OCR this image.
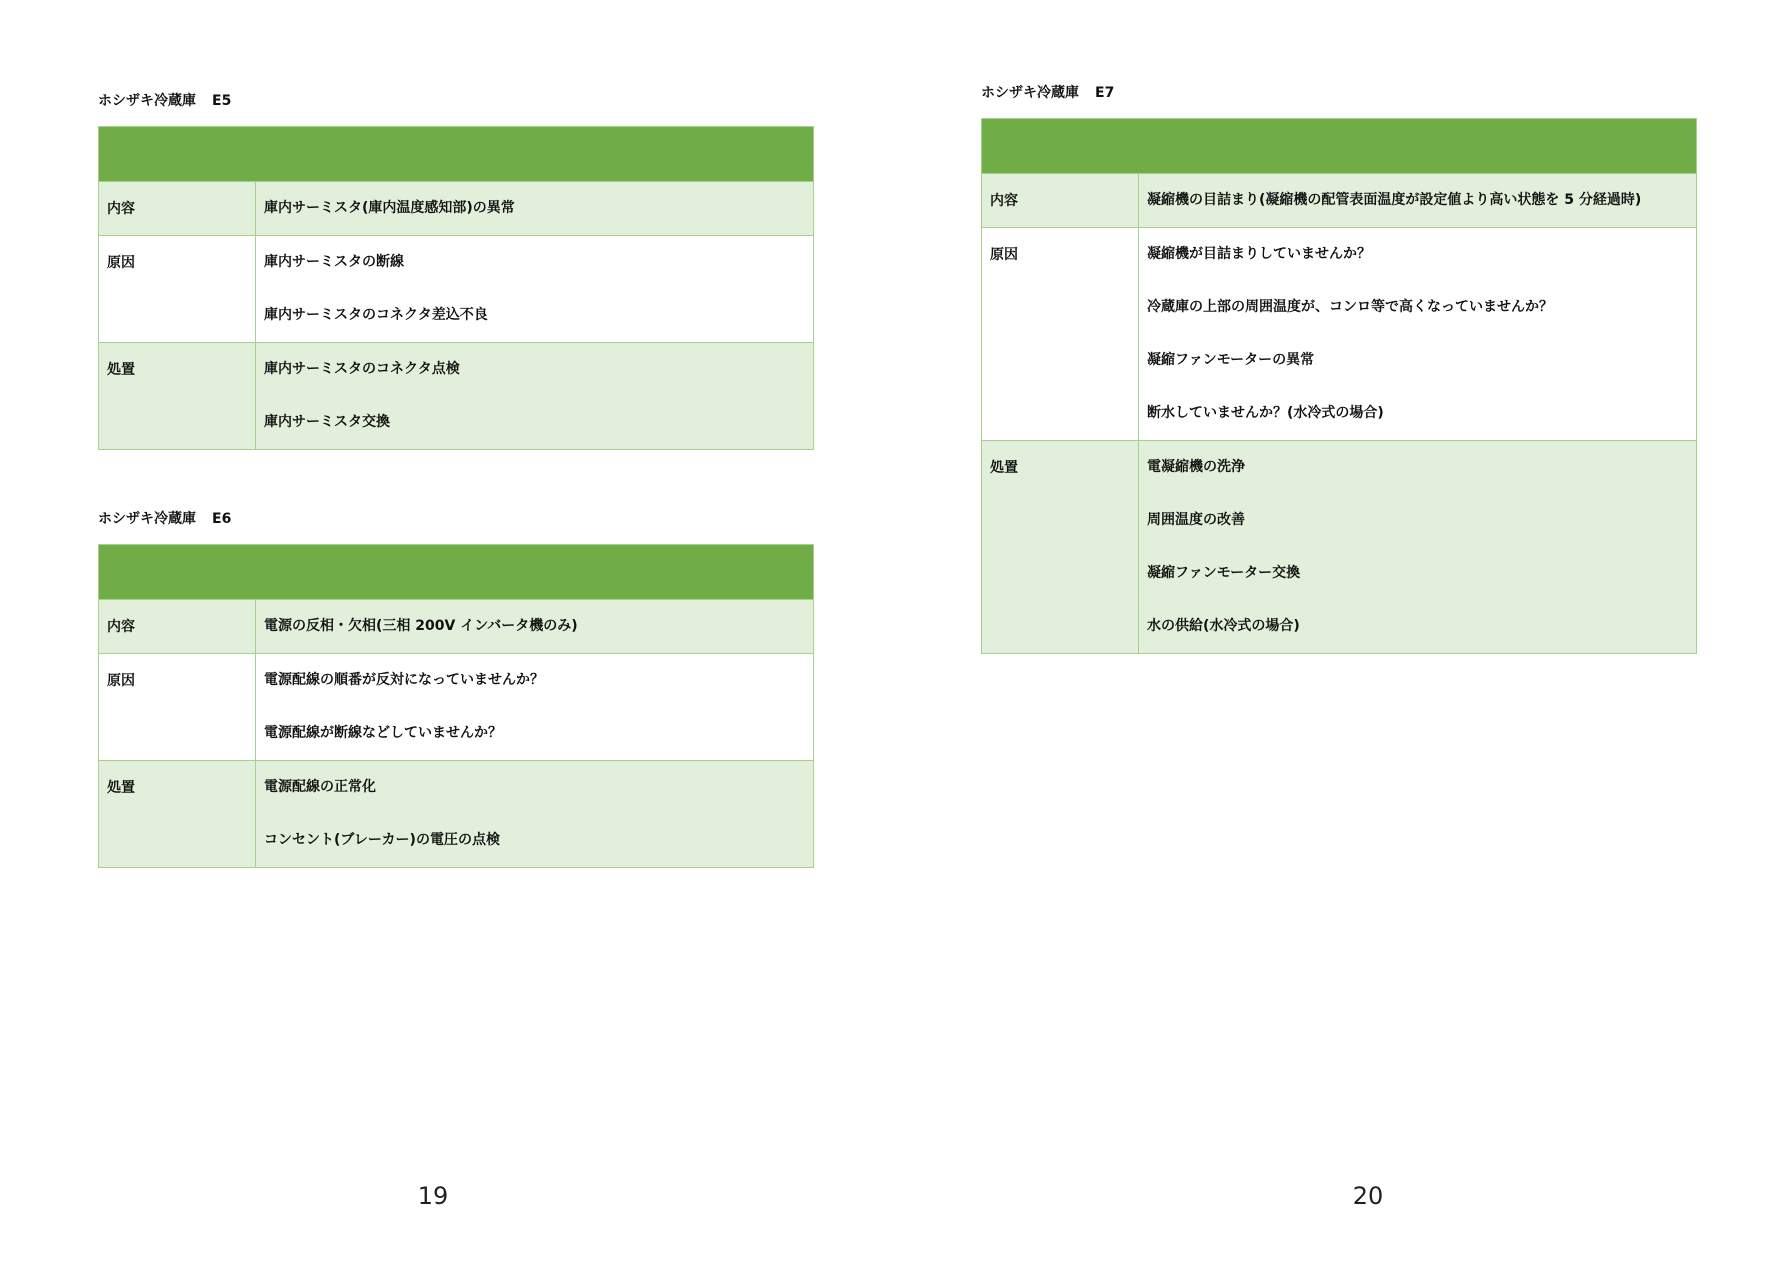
ホシザキ冷蔵庫 E5
内容	庫内サーミスタ(庫内温度感知部)の異常
原因	庫内サーミスタの断線
庫内サーミスタのコネクタ差込不良
処置	庫内サーミスタのコネクタ点検
庫内サーミスタ交換
ホシザキ冷蔵庫 E6
内容	電源の反相・欠相(三相 200V インバータ機のみ)
原因	電源配線の順番が反対になっていませんか？
電源配線が断線などしていませんか？
処置	電源配線の正常化
コンセント(ブレーカー)の電圧の点検
19
ホシザキ冷蔵庫 E7
内容	凝縮機の目詰まり(凝縮機の配管表面温度が設定値より高い状態を 5 分経過時)
原因	凝縮機が目詰まりしていませんか？
冷蔵庫の上部の周囲温度が、コンロ等で高くなっていませんか？
凝縮ファンモーターの異常
断水していませんか？(水冷式の場合)
処置	電凝縮機の洗浄
周囲温度の改善
凝縮ファンモーター交換
水の供給(水冷式の場合)
20
